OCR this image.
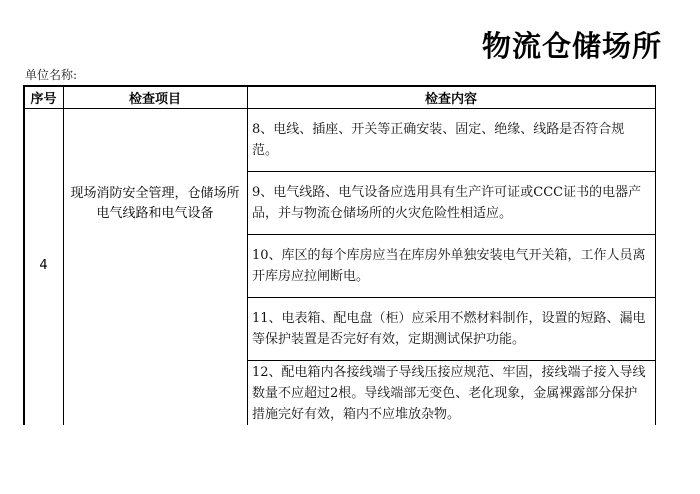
物流仓储场所
单位名称:
序号	检查项目	检查内容
4
现场消防安全管理，仓储场所电气线路和电气设备
8、电线、插座、开关等正确安装、固定、绝缘、线路是否符合规范。
9、电气线路、电气设备应选用具有生产许可证或CCC证书的电器产品，并与物流仓储场所的火灾危险性相适应。
10、库区的每个库房应当在库房外单独安装电气开关箱，工作人员离开库房应拉闸断电。
11、电表箱、配电盘（柜）应采用不燃材料制作，设置的短路、漏电等保护装置是否完好有效，定期测试保护功能。
12、配电箱内各接线端子导线压接应规范、牢固，接线端子接入导线数量不应超过2根。导线端部无变色、老化现象，金属裸露部分保护措施完好有效，箱内不应堆放杂物。
